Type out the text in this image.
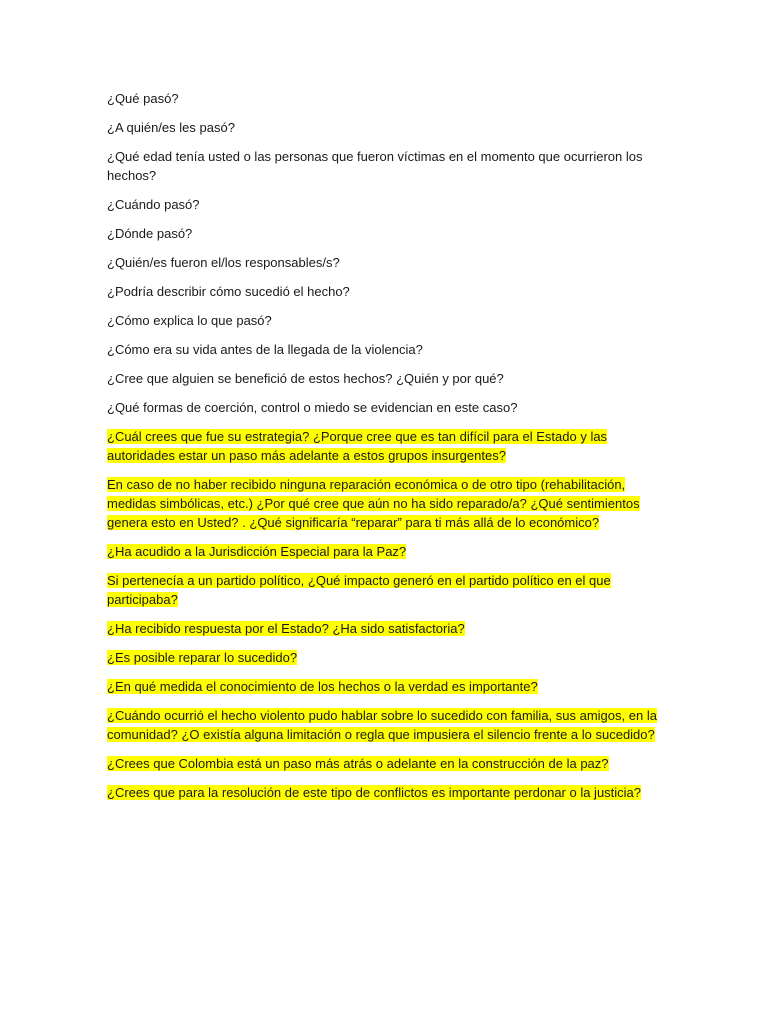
¿Qué pasó?

¿A quién/es les pasó?

¿Qué edad tenía usted o las personas que fueron víctimas en el momento que ocurrieron los hechos?

¿Cuándo pasó?

¿Dónde pasó?

¿Quién/es fueron el/los responsables/s?

¿Podría describir cómo sucedió el hecho?

¿Cómo explica lo que pasó?

¿Cómo era su vida antes de la llegada de la violencia?

¿Cree que alguien se benefició de estos hechos? ¿Quién y por qué?

¿Qué formas de coerción, control o miedo se evidencian en este caso?

¿Cuál crees que fue su estrategia? ¿Porque cree que es tan difícil para el Estado y las autoridades estar un paso más adelante a estos grupos insurgentes?

En caso de no haber recibido ninguna reparación económica o de otro tipo (rehabilitación, medidas simbólicas, etc.) ¿Por qué cree que aún no ha sido reparado/a? ¿Qué sentimientos genera esto en Usted? . ¿Qué significaría “reparar” para ti más allá de lo económico?

¿Ha acudido a la Jurisdicción Especial para la Paz?

Si pertenecía a un partido político, ¿Qué impacto generó en el partido político en el que participaba?

¿Ha recibido respuesta por el Estado? ¿Ha sido satisfactoria?

¿Es posible reparar lo sucedido?

¿En qué medida el conocimiento de los hechos o la verdad es importante?

¿Cuándo ocurrió el hecho violento pudo hablar sobre lo sucedido con familia, sus amigos, en la comunidad? ¿O existía alguna limitación o regla que impusiera el silencio frente a lo sucedido?

¿Crees que Colombia está un paso más atrás o adelante en la construcción de la paz?

¿Crees que para la resolución de este tipo de conflictos es importante perdonar o la justicia?
